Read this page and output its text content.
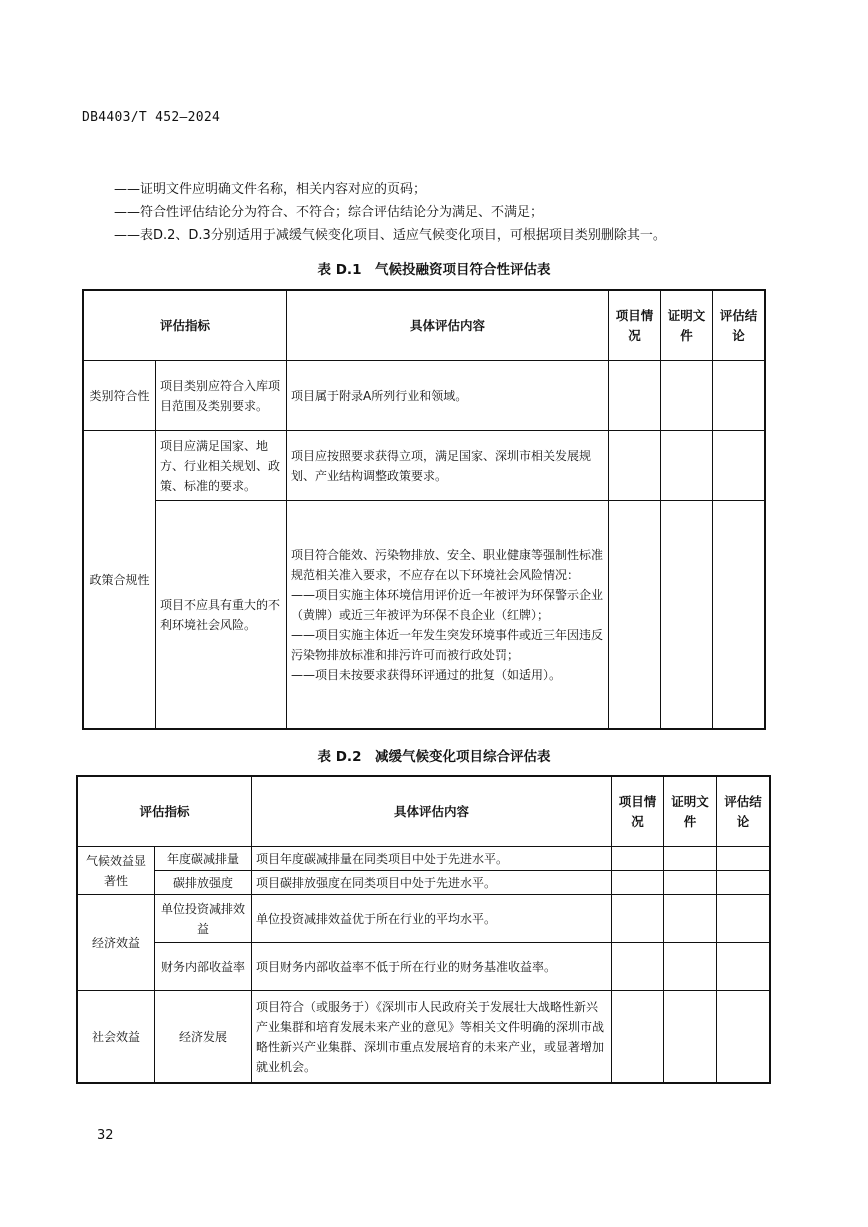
DB4403/T 452—2024
——证明文件应明确文件名称，相关内容对应的页码；
——符合性评估结论分为符合、不符合；综合评估结论分为满足、不满足；
——表D.2、D.3分别适用于减缓气候变化项目、适应气候变化项目，可根据项目类别删除其一。
表 D.1　气候投融资项目符合性评估表
评估指标		具体评估内容	项目情况	证明文件	评估结论
类别符合性	项目类别应符合入库项目范围及类别要求。	项目属于附录A所列行业和领域。			
政策合规性	项目应满足国家、地方、行业相关规划、政策、标准的要求。	项目应按照要求获得立项，满足国家、深圳市相关发展规划、产业结构调整政策要求。			
	项目不应具有重大的不利环境社会风险。	项目符合能效、污染物排放、安全、职业健康等强制性标准规范相关准入要求，不应存在以下环境社会风险情况：
——项目实施主体环境信用评价近一年被评为环保警示企业（黄牌）或近三年被评为环保不良企业（红牌）；
——项目实施主体近一年发生突发环境事件或近三年因违反污染物排放标准和排污许可而被行政处罚；
——项目未按要求获得环评通过的批复（如适用）。			

表 D.2　减缓气候变化项目综合评估表
评估指标		具体评估内容	项目情况	证明文件	评估结论
气候效益显著性	年度碳减排量	项目年度碳减排量在同类项目中处于先进水平。			
	碳排放强度	项目碳排放强度在同类项目中处于先进水平。			
经济效益	单位投资减排效益	单位投资减排效益优于所在行业的平均水平。			
	财务内部收益率	项目财务内部收益率不低于所在行业的财务基准收益率。			
社会效益	经济发展	项目符合（或服务于）《深圳市人民政府关于发展壮大战略性新兴产业集群和培育发展未来产业的意见》等相关文件明确的深圳市战略性新兴产业集群、深圳市重点发展培育的未来产业，或显著增加就业机会。			
32
